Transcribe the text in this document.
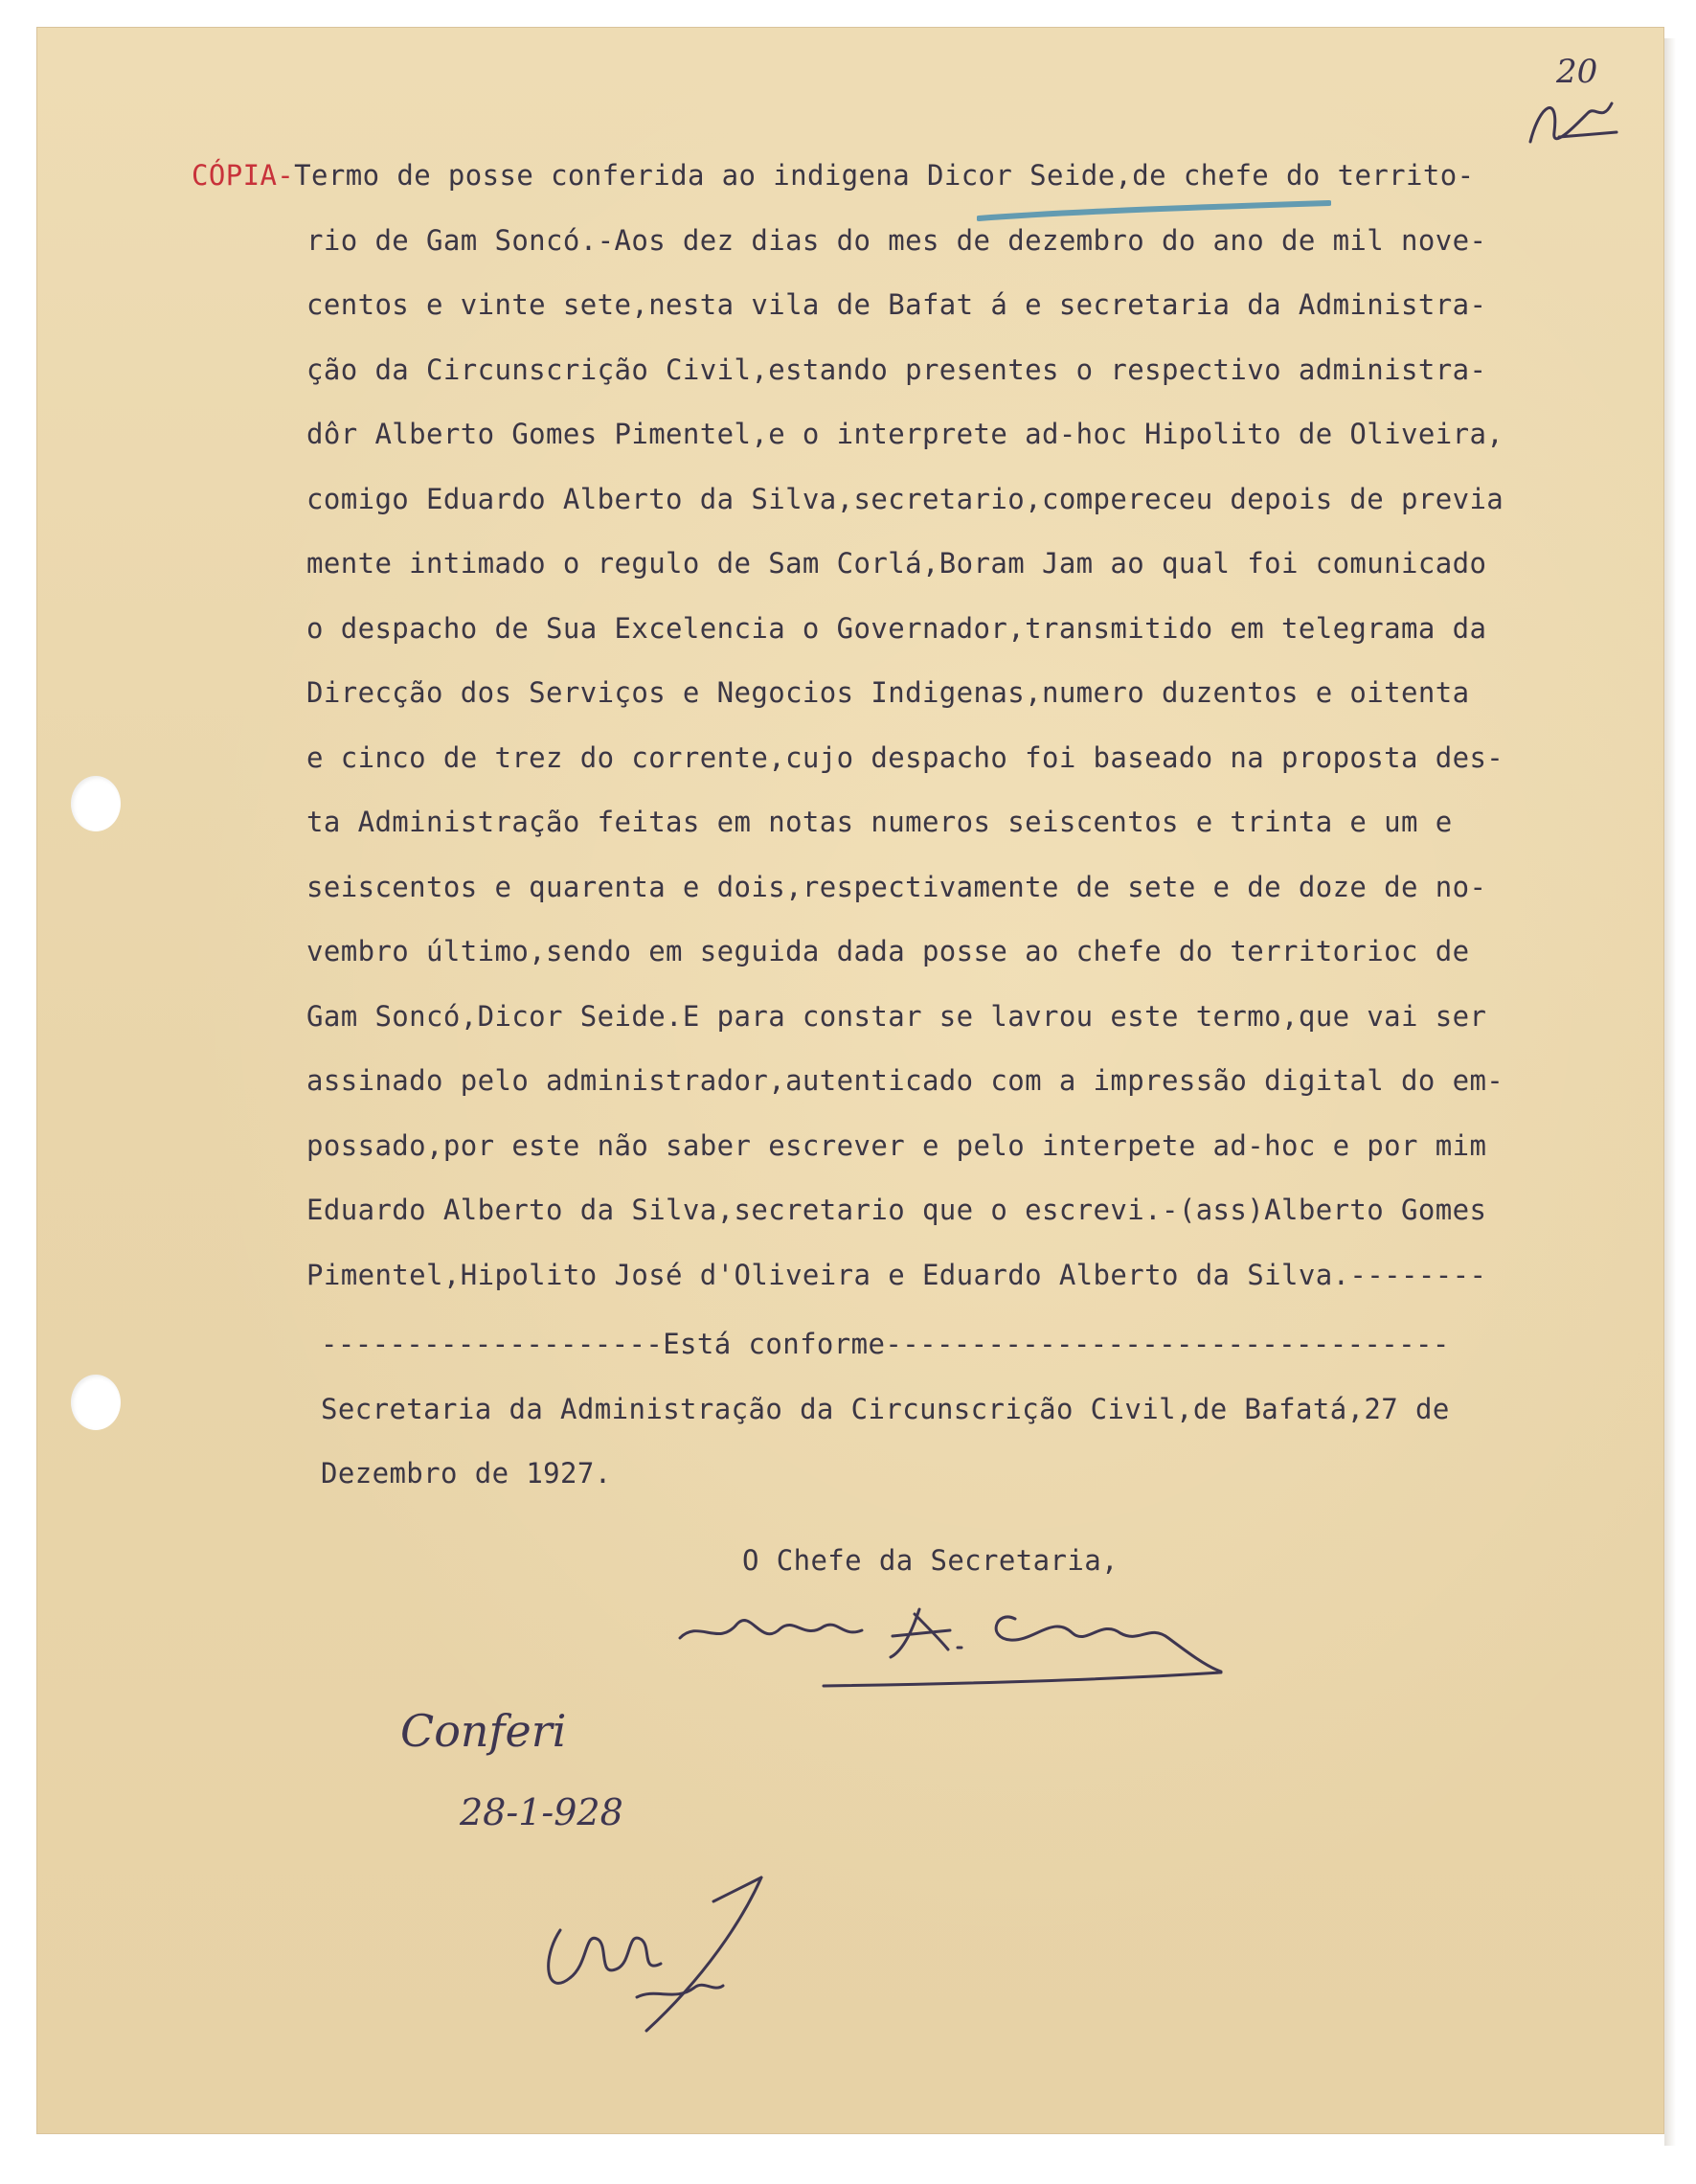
20
CÓPIA-Termo de posse conferida ao indigena Dicor Seide,de chefe do territo-
rio de Gam Soncó.-Aos dez dias do mes de dezembro do ano de mil nove-
centos e vinte sete,nesta vila de Bafat á e secretaria da Administra-
ção da Circunscrição Civil,estando presentes o respectivo administra-
dôr Alberto Gomes Pimentel,e o interprete ad-hoc Hipolito de Oliveira,
comigo Eduardo Alberto da Silva,secretario,compereceu depois de previa
mente intimado o regulo de Sam Corlá,Boram Jam ao qual foi comunicado
o despacho de Sua Excelencia o Governador,transmitido em telegrama da
Direcção dos Serviços e Negocios Indigenas,numero duzentos e oitenta
e cinco de trez do corrente,cujo despacho foi baseado na proposta des-
ta Administração feitas em notas numeros seiscentos e trinta e um e
seiscentos e quarenta e dois,respectivamente de sete e de doze de no-
vembro último,sendo em seguida dada posse ao chefe do territorioc de
Gam Soncó,Dicor Seide.E para constar se lavrou este termo,que vai ser
assinado pelo administrador,autenticado com a impressão digital do em-
possado,por este não saber escrever e pelo interpete ad-hoc e por mim
Eduardo Alberto da Silva,secretario que o escrevi.-(ass)Alberto Gomes
Pimentel,Hipolito José d'Oliveira e Eduardo Alberto da Silva.--------
--------------------Está conforme---------------------------------
Secretaria da Administração da Circunscrição Civil,de Bafatá,27 de
Dezembro de 1927.
O Chefe da Secretaria,
Conferi
28-1-928
